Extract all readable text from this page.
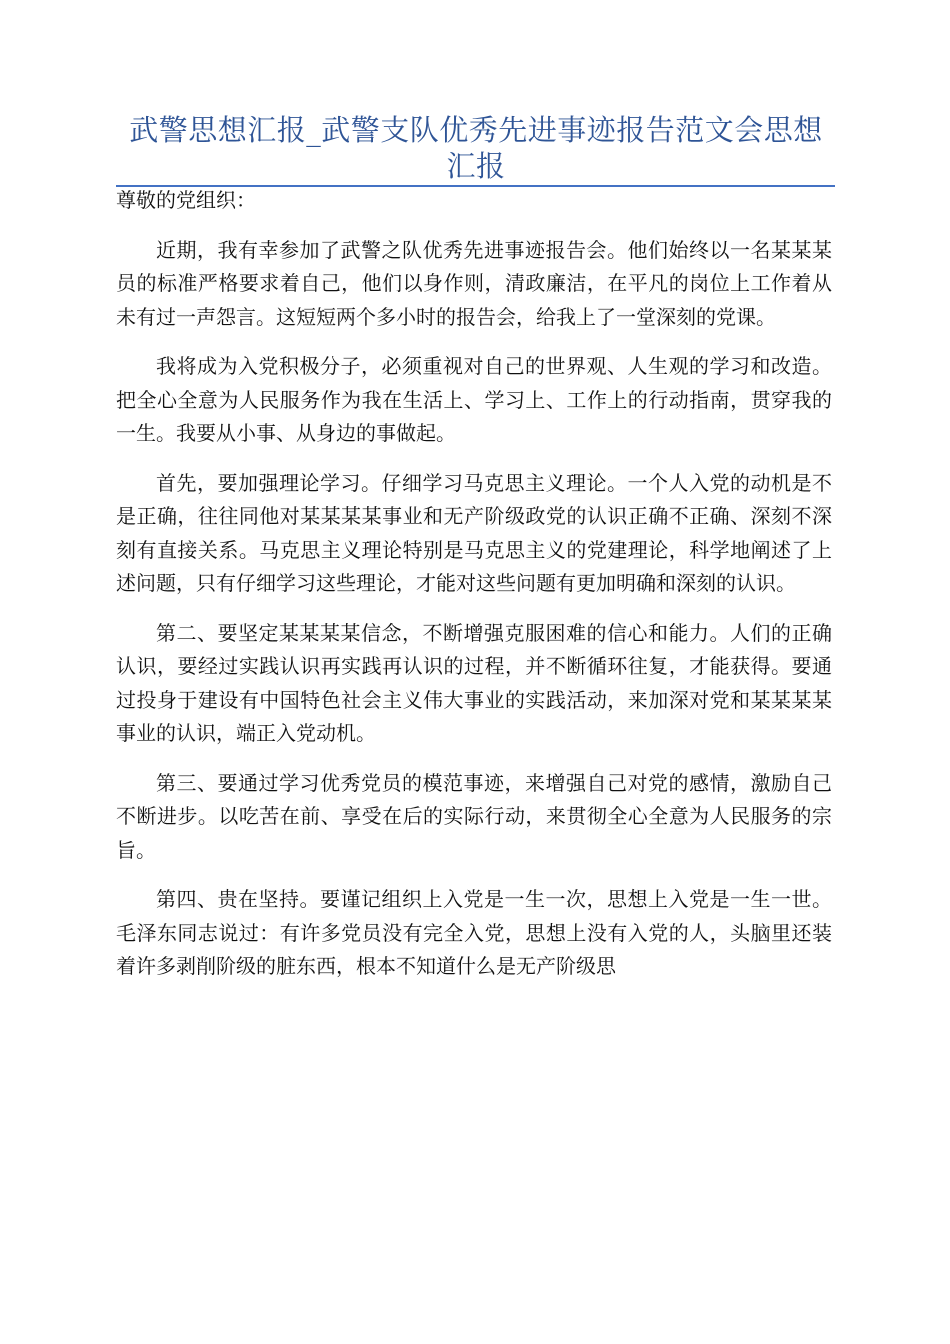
武警思想汇报_武警支队优秀先进事迹报告范文会思想汇报

尊敬的党组织：

近期，我有幸参加了武警之队优秀先进事迹报告会。他们始终以一名某某某员的标准严格要求着自己，他们以身作则，清政廉洁，在平凡的岗位上工作着从未有过一声怨言。这短短两个多小时的报告会，给我上了一堂深刻的党课。

我将成为入党积极分子，必须重视对自己的世界观、人生观的学习和改造。把全心全意为人民服务作为我在生活上、学习上、工作上的行动指南，贯穿我的一生。我要从小事、从身边的事做起。

首先，要加强理论学习。仔细学习马克思主义理论。一个人入党的动机是不是正确，往往同他对某某某某事业和无产阶级政党的认识正确不正确、深刻不深刻有直接关系。马克思主义理论特别是马克思主义的党建理论，科学地阐述了上述问题，只有仔细学习这些理论，才能对这些问题有更加明确和深刻的认识。

第二、要坚定某某某某信念，不断增强克服困难的信心和能力。人们的正确认识，要经过实践认识再实践再认识的过程，并不断循环往复，才能获得。要通过投身于建设有中国特色社会主义伟大事业的实践活动，来加深对党和某某某某事业的认识，端正入党动机。

第三、要通过学习优秀党员的模范事迹，来增强自己对党的感情，激励自己不断进步。以吃苦在前、享受在后的实际行动，来贯彻全心全意为人民服务的宗旨。

第四、贵在坚持。要谨记组织上入党是一生一次，思想上入党是一生一世。毛泽东同志说过：有许多党员没有完全入党，思想上没有入党的人，头脑里还装着许多剥削阶级的脏东西，根本不知道什么是无产阶级思
